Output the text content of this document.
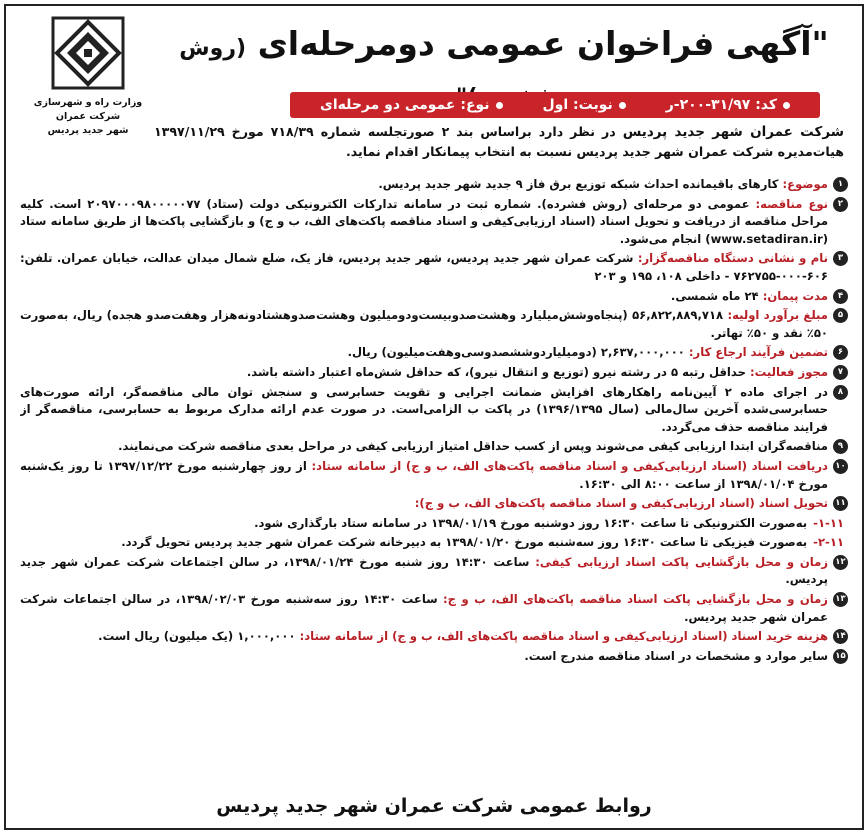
وزارت راه و شهرسازی
شرکت عمران
شهر جدید پردیس
"آگهی فراخوان عمومی دومرحله‌ای (روش
کد: ۳۱/۹۷-۲۰۰-ر
نوبت: اول
نوع: عمومی دو مرحله‌ای
شرکت عمران شهر جدید پردیس در نظر دارد براساس بند ۲ صورتجلسه شماره ۷۱۸/۳۹ مورخ ۱۳۹۷/۱۱/۲۹ هیات‌مدیره شرکت عمران شهر جدید پردیس نسبت به انتخاب پیمانکار اقدام نماید.
۱
موضوع: کارهای باقیمانده احداث شبکه توزیع برق فاز ۹ جدید شهر جدید پردیس.
۲
نوع مناقصه: عمومی دو مرحله‌ای (روش فشرده). شماره ثبت در سامانه تدارکات الکترونیکی دولت (ستاد) ۲۰۹۷۰۰۰۹۸۰۰۰۰۰۷۷ است. کلیه مراحل مناقصه از دریافت و تحویل اسناد (اسناد ارزیابی‌کیفی و اسناد مناقصه پاکت‌های الف، ب و ج) و بازگشایی پاکت‌ها از طریق سامانه ستاد (www.setadiran.ir) انجام می‌شود.
۳
نام و نشانی دستگاه مناقصه‌گزار: شرکت عمران شهر جدید پردیس، شهر جدید پردیس، فاز یک، ضلع شمال میدان عدالت، خیابان عمران. تلفن: ۶۰۶-۰۰۰-۷۶۲۷۵۵ - داخلی ۱۰۸، ۱۹۵ و ۲۰۳
۴
مدت پیمان: ۲۴ ماه شمسی.
۵
مبلغ برآورد اولیه: ۵۶,۸۲۲,۸۸۹,۷۱۸ (پنجاه‌وشش‌میلیارد وهشت‌صدوبیست‌ودومیلیون وهشت‌صدوهشتادونه‌هزار وهفت‌صدو هجده) ریال، به‌صورت ۵۰٪ نقد و ۵۰٪ تهاتر.
۶
تضمین فرآیند ارجاع کار: ۲,۶۳۷,۰۰۰,۰۰۰ (دومیلیاردوششصدوسی‌وهفت‌میلیون) ریال.
۷
مجوز فعالیت: حداقل رتبه ۵ در رشته نیرو (توزیع و انتقال نیرو)، که حداقل شش‌ماه اعتبار داشته باشد.
۸
در اجرای ماده ۲ آیین‌نامه راهکارهای افزایش ضمانت اجرایی و تقویت حسابرسی و سنجش توان مالی مناقصه‌گر، ارائه صورت‌های حسابرسی‌شده آخرین سال‌مالی (سال ۱۳۹۶/۱۳۹۵) در پاکت ب الزامی‌است. در صورت عدم ارائه مدارک مربوط به حسابرسی، مناقصه‌گر از فرایند مناقصه حذف می‌گردد.
۹
مناقصه‌گران ابتدا ارزیابی کیفی می‌شوند وپس از کسب حداقل امتیاز ارزیابی کیفی در مراحل بعدی مناقصه شرکت می‌نمایند.
۱۰
دریافت اسناد (اسناد ارزیابی‌کیفی و اسناد مناقصه پاکت‌های الف، ب و ج) از سامانه ستاد: از روز چهارشنبه مورخ ۱۳۹۷/۱۲/۲۲ تا روز یک‌شنبه مورخ ۱۳۹۸/۰۱/۰۴ از ساعت ۸:۰۰ الی ۱۶:۳۰.
۱۱
تحویل اسناد (اسناد ارزیابی‌کیفی و اسناد مناقصه پاکت‌های الف، ب و ج):
۱-۱۱-
به‌صورت الکترونیکی تا ساعت ۱۶:۳۰ روز دوشنبه مورخ ۱۳۹۸/۰۱/۱۹ در سامانه ستاد بارگذاری شود.
۲-۱۱-
به‌صورت فیزیکی تا ساعت ۱۶:۳۰ روز سه‌شنبه مورخ ۱۳۹۸/۰۱/۲۰ به دبیرخانه شرکت عمران شهر جدید پردیس تحویل گردد.
۱۲
زمان و محل بازگشایی پاکت اسناد ارزیابی کیفی: ساعت ۱۴:۳۰ روز شنبه مورخ ۱۳۹۸/۰۱/۲۴، در سالن اجتماعات شرکت عمران شهر جدید پردیس.
۱۳
زمان و محل بازگشایی پاکت اسناد مناقصه پاکت‌های الف، ب و ج: ساعت ۱۴:۳۰ روز سه‌شنبه مورخ ۱۳۹۸/۰۲/۰۳، در سالن اجتماعات شرکت عمران شهر جدید پردیس.
۱۴
هزینه خرید اسناد (اسناد ارزیابی‌کیفی و اسناد مناقصه پاکت‌های الف، ب و ج) از سامانه ستاد: ۱,۰۰۰,۰۰۰ (یک میلیون) ریال است.
۱۵
سایر موارد و مشخصات در اسناد مناقصه مندرج است.
روابط عمومی شرکت عمران شهر جدید پردیس
